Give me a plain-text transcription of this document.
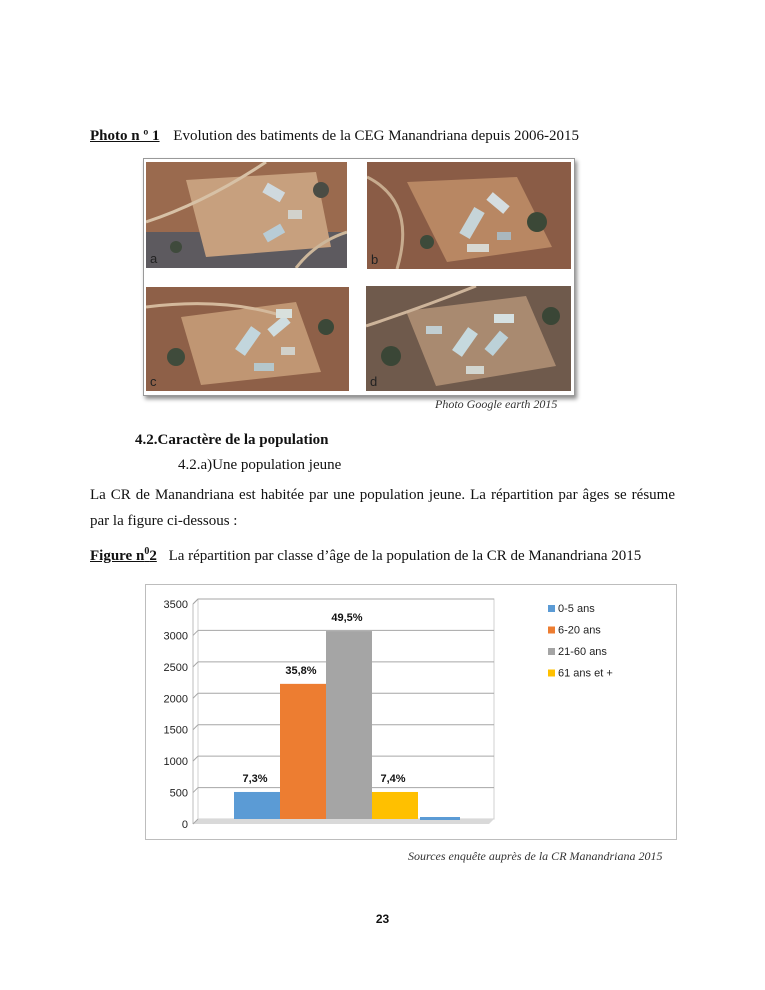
Photo n º 1 Evolution des batiments de la CEG Manandriana depuis 2006-2015
a	b
c	d
Photo Google earth 2015
4.2.Caractère de la population
4.2.a)Une population jeune
La CR de Manandriana est habitée par une population jeune. La répartition par âges se résume par la figure ci-dessous :
Figure $n^02$ La répartition par classe d’âge de la population de la CR de Manandriana 2015
0
500
1000
1500
2000
2500
3000
3500
7,3%
35,8%
49,5%
7,4%
0-5 ans
6-20 ans
21-60 ans
61 ans et +
Sources enquête auprès de la CR Manandriana 2015
23
